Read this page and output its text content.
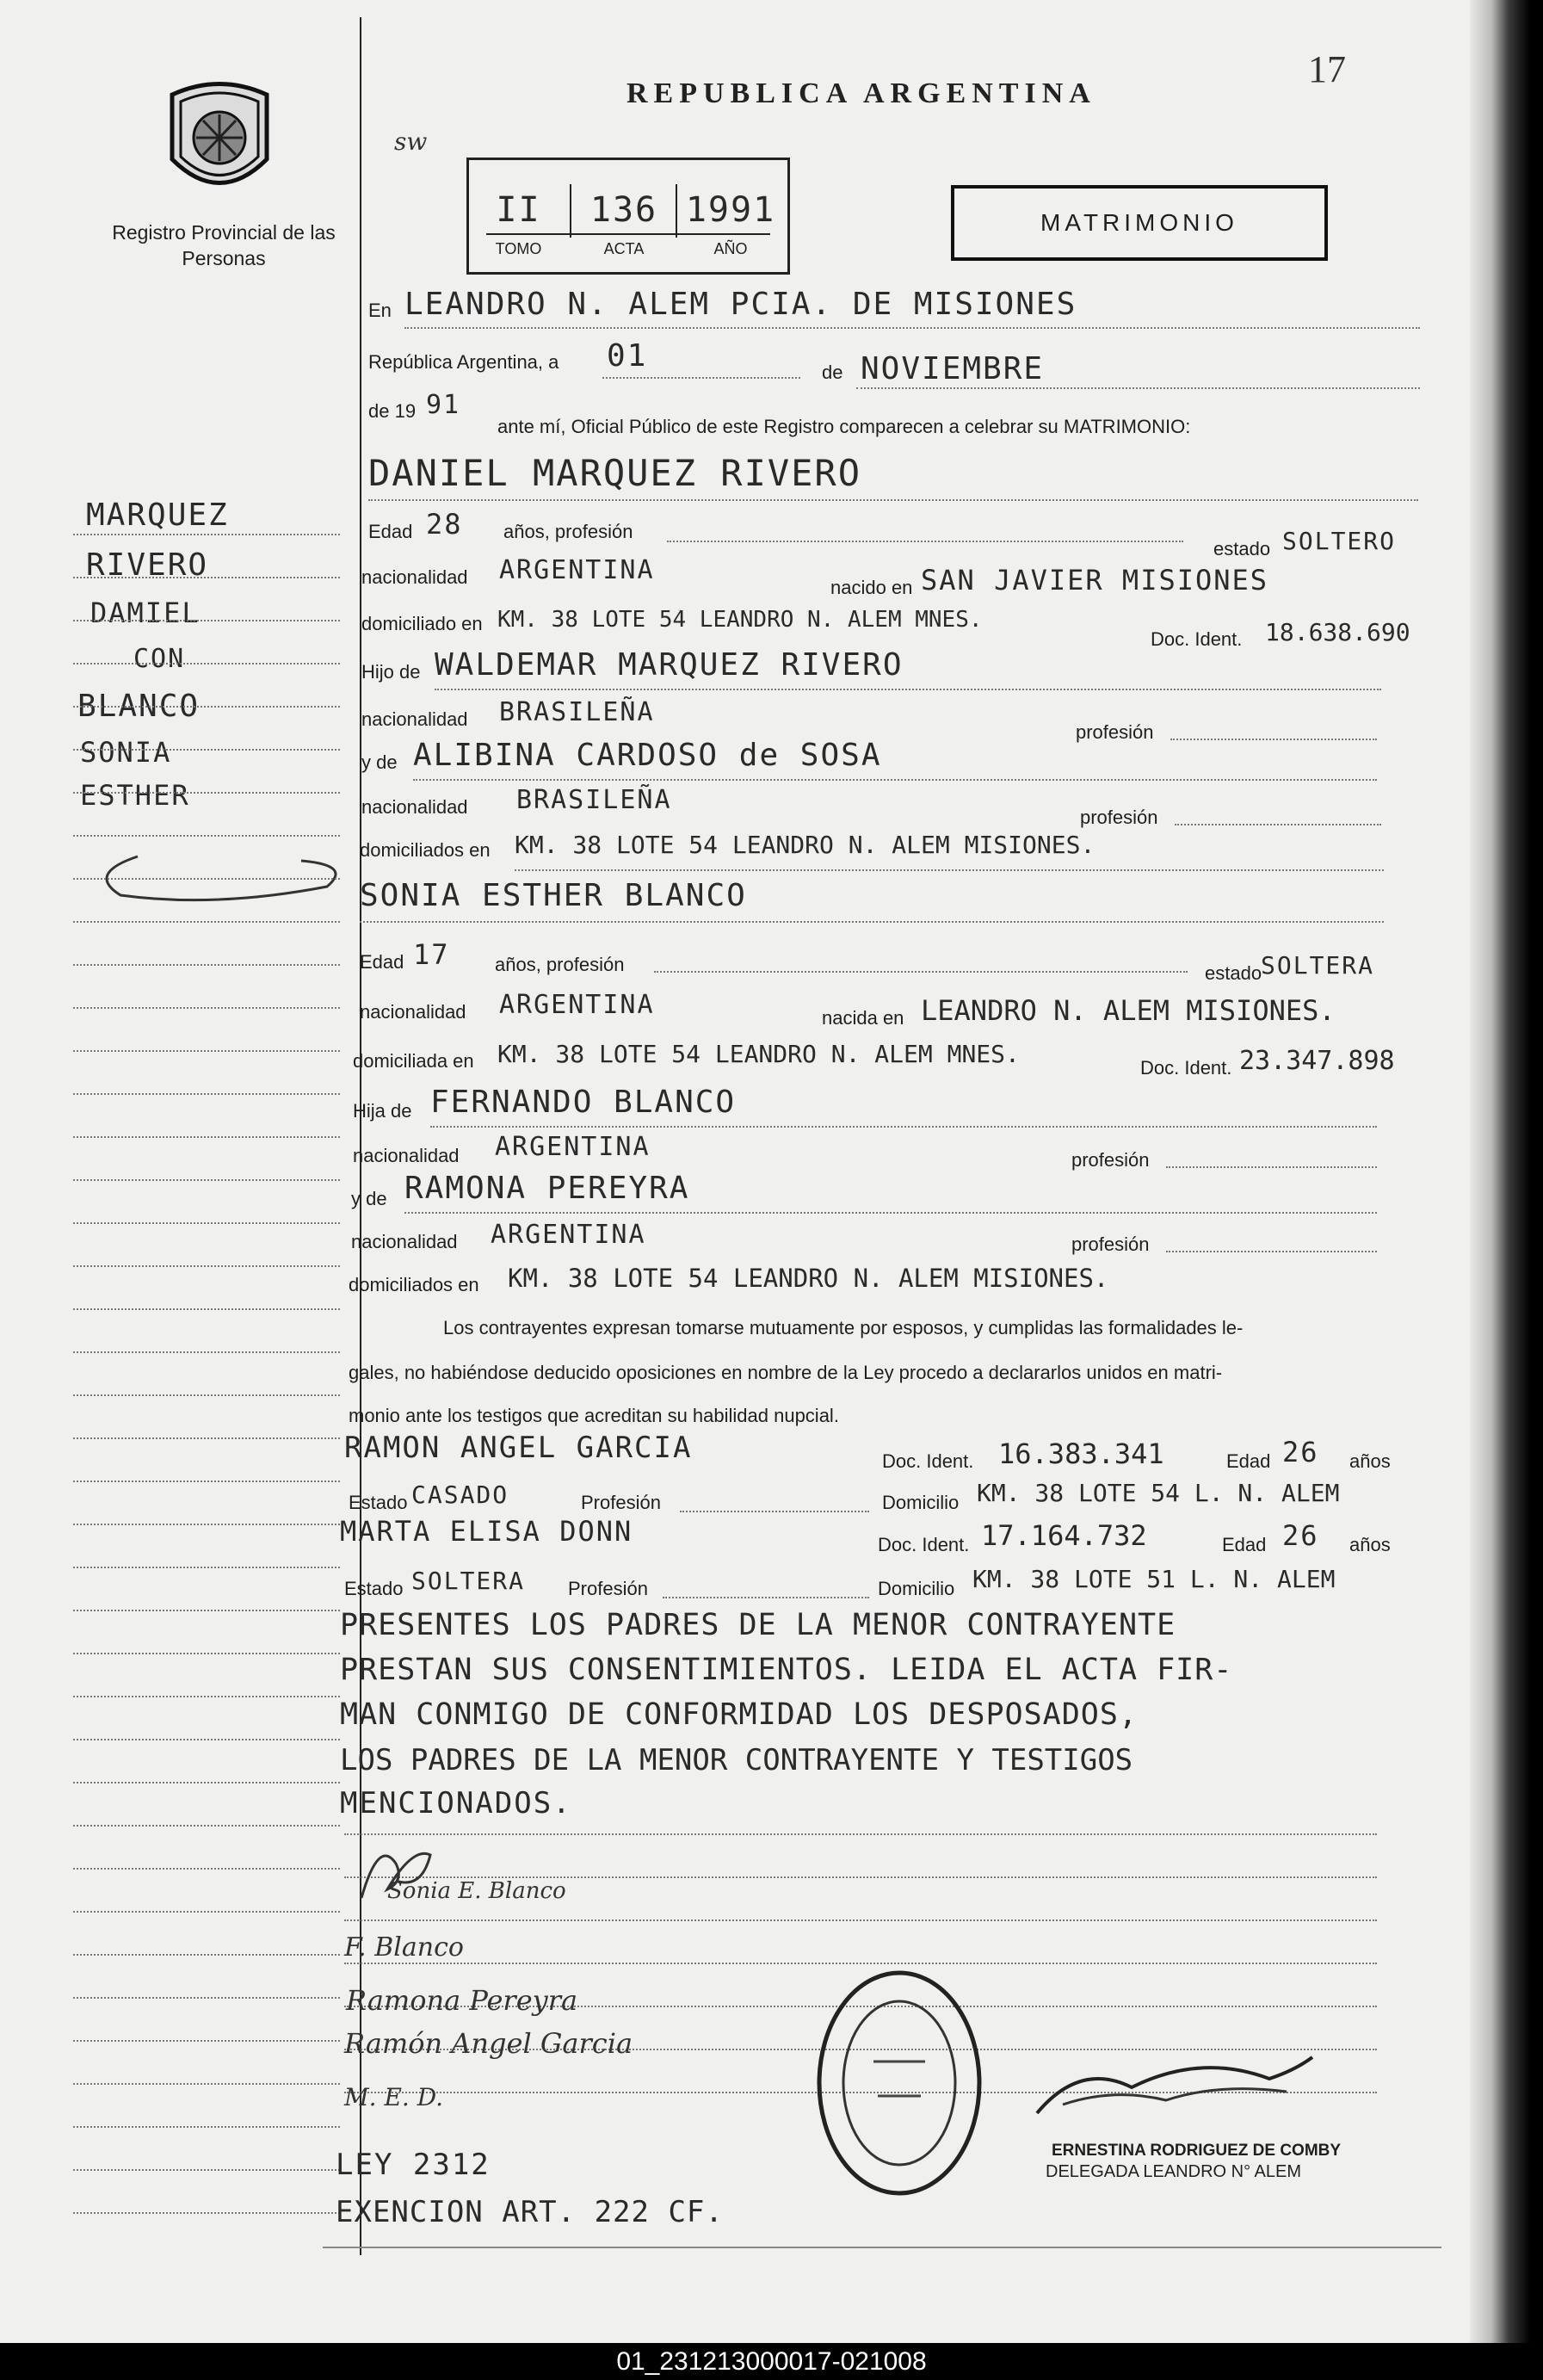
17
Registro Provincial de las Personas
REPUBLICA ARGENTINA
sw
II	136 1991
TOMO	ACTA	AÑO
MATRIMONIO
MARQUEZ
RIVERO
DAMIEL
CON
BLANCO
SONIA
ESTHER
En LEANDRO N. ALEM PCIA. DE MISIONES
República Argentina, a 01	de NOVIEMBRE
de 19 91
ante mí, Oficial Público de este Registro comparecen a celebrar su MATRIMONIO:
DANIEL MARQUEZ RIVERO
Edad 28 años, profesión
estado SOLTERO
nacionalidad ARGENTINA
nacido en SAN JAVIER MISIONES
domiciliado en KM. 38 LOTE 54 LEANDRO N. ALEM MNES.
Doc. Ident. 18.638.690
Hijo de WALDEMAR MARQUEZ RIVERO
nacionalidad BRASILEÑA
profesión
y de ALIBINA CARDOSO de SOSA
nacionalidad BRASILEÑA
profesión
domiciliados en KM. 38 LOTE 54 LEANDRO N. ALEM MISIONES.
SONIA ESTHER BLANCO
Edad 17 años, profesión	estado
SOLTERA
nacionalidad ARGENTINA	nacida en LEANDRO N. ALEM MISIONES.
domiciliada en KM. 38 LOTE 54 LEANDRO N. ALEM MNES.	Doc. Ident. 23.347.898
Hija de FERNANDO BLANCO
nacionalidad ARGENTINA	profesión
y de RAMONA PEREYRA
nacionalidad ARGENTINA	profesión
domiciliados en KM. 38 LOTE 54 LEANDRO N. ALEM MISIONES.
Los contrayentes expresan tomarse mutuamente por esposos, y cumplidas las formalidades le-
gales, no habiéndose deducido oposiciones en nombre de la Ley procedo a declararlos unidos en matri-
monio ante los testigos que acreditan su habilidad nupcial.
RAMON ANGEL GARCIA	Doc. Ident. 16.383.341	Edad 26 años
Estado CASADO	Profesión	Domicilio KM. 38 LOTE 54 L. N. ALEM
MARTA ELISA DONN	Doc. Ident. 17.164.732	Edad 26 años
Estado SOLTERA Profesión	Domicilio KM. 38 LOTE 51 L. N. ALEM
PRESENTES LOS PADRES DE LA MENOR CONTRAYENTE
PRESTAN SUS CONSENTIMIENTOS. LEIDA EL ACTA FIR-
MAN CONMIGO DE CONFORMIDAD LOS DESPOSADOS,
LOS PADRES DE LA MENOR CONTRAYENTE Y TESTIGOS
MENCIONADOS.
Sonia E. Blanco
F. Blanco
Ramona Pereyra
Ramón Angel Garcia
M. E. D.
ERNESTINA RODRIGUEZ DE COMBY
DELEGADA LEANDRO N° ALEM
LEY 2312
EXENCION ART. 222 CF.
01_231213000017-021008
